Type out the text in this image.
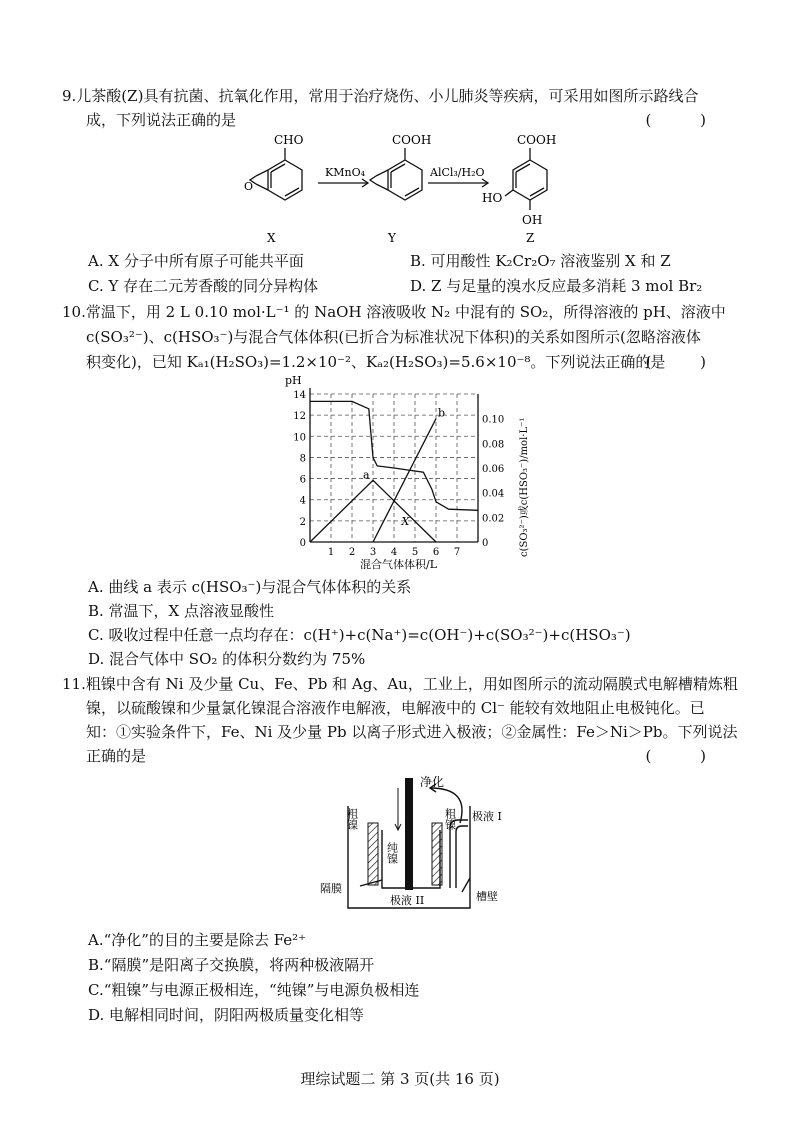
9.儿茶酸(Z)具有抗菌、抗氧化作用，常用于治疗烧伤、小儿肺炎等疾病，可采用如图所示路线合
成，下列说法正确的是	( )
CHO
O
KMnO₄
COOH
AlCl₃/H₂O
COOH
HO
OH
X	Y	Z
A. X 分子中所有原子可能共平面	B. 可用酸性 K₂Cr₂O₇ 溶液鉴别 X 和 Z
C. Y 存在二元芳香酸的同分异构体	D. Z 与足量的溴水反应最多消耗 3 mol Br₂
10.常温下，用 2 L 0.10 mol·L⁻¹ 的 NaOH 溶液吸收 N₂ 中混有的 SO₂，所得溶液的 pH、溶液中
c(SO₃²⁻)、c(HSO₃⁻)与混合气体体积(已折合为标准状况下体积)的关系如图所示(忽略溶液体
积变化)，已知 Kₐ₁(H₂SO₃)=1.2×10⁻²、Kₐ₂(H₂SO₃)=5.6×10⁻⁸。下列说法正确的是
( )
0
2
4
6
8
10
12
14
0
0.02
0.04
0.06
0.08
0.10
1 2 3 4 5 6 7
pH
混合气体体积/L
a
b
X	c(SO₃²⁻)或c(HSO₃⁻)/mol·L⁻¹
A. 曲线 a 表示 c(HSO₃⁻)与混合气体体积的关系
B. 常温下，X 点溶液显酸性
C. 吸收过程中任意一点均存在：c(H⁺)+c(Na⁺)=c(OH⁻)+c(SO₃²⁻)+c(HSO₃⁻)
D. 混合气体中 SO₂ 的体积分数约为 75%
11.粗镍中含有 Ni 及少量 Cu、Fe、Pb 和 Ag、Au，工业上，用如图所示的流动隔膜式电解槽精炼粗
镍，以硫酸镍和少量氯化镍混合溶液作电解液，电解液中的 Cl⁻ 能较有效地阻止电极钝化。已
知：①实验条件下，Fe、Ni 及少量 Pb 以离子形式进入极液；②金属性：Fe＞Ni＞Pb。下列说法
正确的是	( )
净化
粗镍	粗镍
纯镍
极液 I
极液 II
隔膜
槽壁
A.“净化”的目的主要是除去 Fe²⁺
B.“隔膜”是阳离子交换膜，将两种极液隔开
C.“粗镍”与电源正极相连，“纯镍”与电源负极相连
D. 电解相同时间，阴阳两极质量变化相等
理综试题二 第 3 页(共 16 页)
